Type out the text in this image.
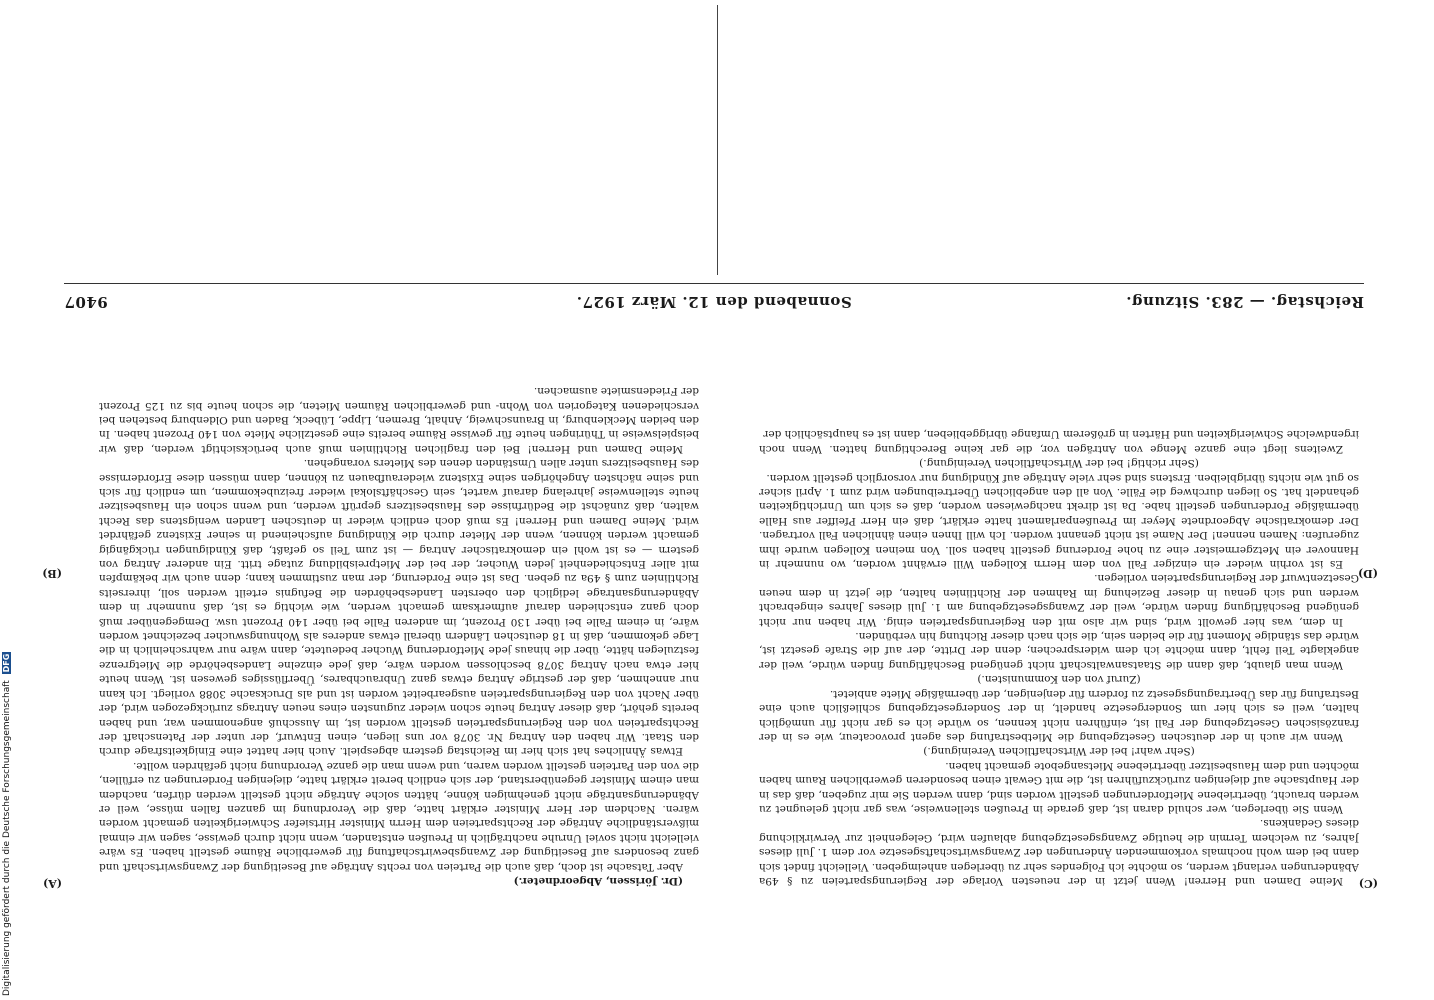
Reichstag. — 283. Sitzung.
Sonnabend den 12. März 1927.
9407
(C)
(D)
(A)
(B)

Meine Damen und Herren! Wenn jetzt in der neuesten Vorlage der Regierungsparteien zu § 49a Abänderungen verlangt werden, so möchte ich Folgendes sehr zu überlegen anheimgeben. Vielleicht findet sich dann bei dem wohl nochmals vorkommenden Änderungen der Zwangswirtschaftsgesetze vor dem 1. Juli dieses Jahres, zu welchem Termin die heutige Zwangsgesetzgebung ablaufen wird, Gelegenheit zur Verwirklichung dieses Gedankens.

Wenn Sie überlegen, wer schuld daran ist, daß gerade in Preußen stellenweise, was gar nicht geleugnet zu werden braucht, übertriebene Mietforderungen gestellt worden sind, dann werden Sie mir zugeben, daß das in der Hauptsache auf diejenigen zurückzuführen ist, die mit Gewalt einen besonderen gewerblichen Raum haben möchten und dem Hausbesitzer übertriebene Mietsangebote gemacht haben.

(Sehr wahr! bei der Wirtschaftlichen Vereinigung.)

Wenn wir auch in der deutschen Gesetzgebung die Mietbestrafung des agent provocateur, wie es in der französischen Gesetzgebung der Fall ist, einführen nicht kennen, so würde ich es gar nicht für unmöglich halten, weil es sich hier um Sondergesetze handelt, in der Sondergesetzgebung schließlich auch eine Bestrafung für das Übertragungsgesetz zu fordern für denjenigen, der übermäßige Miete anbietet.

(Zuruf von den Kommunisten.)

Wenn man glaubt, daß dann die Staatsanwaltschaft nicht genügend Beschäftigung finden würde, weil der angeklagte Teil fehlt, dann möchte ich dem widersprechen; denn der Dritte, der auf die Strafe gesetzt ist, würde das ständige Moment für die beiden sein, die sich nach dieser Richtung hin verbünden.

In dem, was hier gewollt wird, sind wir also mit den Regierungsparteien einig. Wir haben nur nicht genügend Beschäftigung finden würde, weil der Zwangsgesetzgebung am 1. Juli dieses Jahres eingebracht werden und sich genau in dieser Beziehung im Rahmen der Richtlinien halten, die jetzt in dem neuen Gesetzentwurf der Regierungsparteien vorliegen.

Es ist vorhin wieder ein einziger Fall von dem Herrn Kollegen Will erwähnt worden, wo nunmehr in Hannover ein Metzgermeister eine zu hohe Forderung gestellt haben soll. Von meinen Kollegen wurde ihm zugerufen: Namen nennen! Der Name ist nicht genannt worden. Ich will Ihnen einen ähnlichen Fall vortragen. Der demokratische Abgeordnete Meyer im Preußenparlament hatte erklärt, daß ein Herr Pfeiffer aus Halle übermäßige Forderungen gestellt habe. Da ist direkt nachgewiesen worden, daß es sich um Unrichtigkeiten gehandelt hat. So liegen durchweg die Fälle. Von all den angeblichen Übertreibungen wird zum 1. April sicher so gut wie nichts übrigbleiben. Erstens sind sehr viele Anträge auf Kündigung nur vorsorglich gestellt worden.

(Sehr richtig! bei der Wirtschaftlichen Vereinigung.)

Zweitens liegt eine ganze Menge von Anträgen vor, die gar keine Berechtigung hatten. Wenn noch irgendwelche Schwierigkeiten und Härten in größerem Umfange übriggeblieben, dann ist es hauptsächlich der

(Dr. Jörissen, Abgeordneter.)

Aber Tatsache ist doch, daß auch die Parteien von rechts Anträge auf Beseitigung der Zwangswirtschaft und ganz besonders auf Beseitigung der Zwangsbewirtschaftung für gewerbliche Räume gestellt haben. Es wäre vielleicht nicht soviel Unruhe nachträglich in Preußen entstanden, wenn nicht durch gewisse, sagen wir einmal mißverständliche Anträge der Rechtsparteien dem Herrn Minister Hirtsiefer Schwierigkeiten gemacht worden wären. Nachdem der Herr Minister erklärt hatte, daß die Verordnung im ganzen fallen müsse, weil er Abänderungsanträge nicht genehmigen könne, hätten solche Anträge nicht gestellt werden dürfen, nachdem man einem Minister gegenüberstand, der sich endlich bereit erklärt hatte, diejenigen Forderungen zu erfüllen, die von den Parteien gestellt worden waren, und wenn man die ganze Verordnung nicht gefährden wollte.

Etwas Ähnliches hat sich hier im Reichstag gestern abgespielt. Auch hier hattet eine Einigkeitsfrage durch den Staat. Wir haben den Antrag Nr. 3078 vor uns liegen, einen Entwurf, der unter der Patenschaft der Rechtsparteien von den Regierungsparteien gestellt worden ist, im Ausschuß angenommen war, und haben bereits gehört, daß dieser Antrag heute schon wieder zugunsten eines neuen Antrags zurückgezogen wird, der über Nacht von den Regierungsparteien ausgearbeitet worden ist und als Drucksache 3088 vorliegt. Ich kann nur annehmen, daß der gestrige Antrag etwas ganz Unbrauchbares, Überflüssiges gewesen ist. Wenn heute hier etwa nach Antrag 3078 beschlossen worden wäre, daß jede einzelne Landesbehörde die Mietgrenze festzulegen hätte, über die hinaus jede Mietforderung Wucher bedeutete, dann wäre nur wahrscheinlich in die Lage gekommen, daß in 18 deutschen Ländern überall etwas anderes als Wohnungswucher bezeichnet worden wäre, in einem Falle bei über 130 Prozent, im anderen Falle bei über 140 Prozent usw. Demgegenüber muß doch ganz entschieden darauf aufmerksam gemacht werden, wie wichtig es ist, daß nunmehr in dem Abänderungsantrage lediglich den obersten Landesbehörden die Befugnis erteilt werden soll, ihrerseits Richtlinien zum § 49a zu geben. Das ist eine Forderung, der man zustimmen kann; denn auch wir bekämpfen mit aller Entschiedenheit jeden Wucher, der bei der Mietpreisbildung zutage tritt. Ein anderer Antrag von gestern — es ist wohl ein demokratischer Antrag — ist zum Teil so gefaßt, daß Kündigungen rückgängig gemacht werden können, wenn der Mieter durch die Kündigung aufscheinend in seiner Existenz gefährdet wird. Meine Damen und Herren! Es muß doch endlich wieder in deutschen Landen wenigstens das Recht walten, daß zunächst die Bedürfnisse des Hausbesitzers geprüft werden, und wenn schon ein Hausbesitzer heute stellenweise jahrelang darauf wartet, sein Geschäftslokal wieder freizubekommen, um endlich für sich und seine nächsten Angehörigen seine Existenz wiederaufbauen zu können, dann müssen diese Erfordernisse des Hausbesitzers unter allen Umständen denen des Mieters vorangehen.

Meine Damen und Herren! Bei den fraglichen Richtlinien muß auch berücksichtigt werden, daß wir beispielsweise in Thüringen heute für gewisse Räume bereits eine gesetzliche Miete von 140 Prozent haben. In den beiden Mecklenburg, in Braunschweig, Anhalt, Bremen, Lippe, Lübeck, Baden und Oldenburg bestehen bei verschiedenen Kategorien von Wohn- und gewerblichen Räumen Mieten, die schon heute bis zu 125 Prozent der Friedensmiete ausmachen.

Digitalisierung gefördert durch die Deutsche Forschungsgemeinschaft DFG
